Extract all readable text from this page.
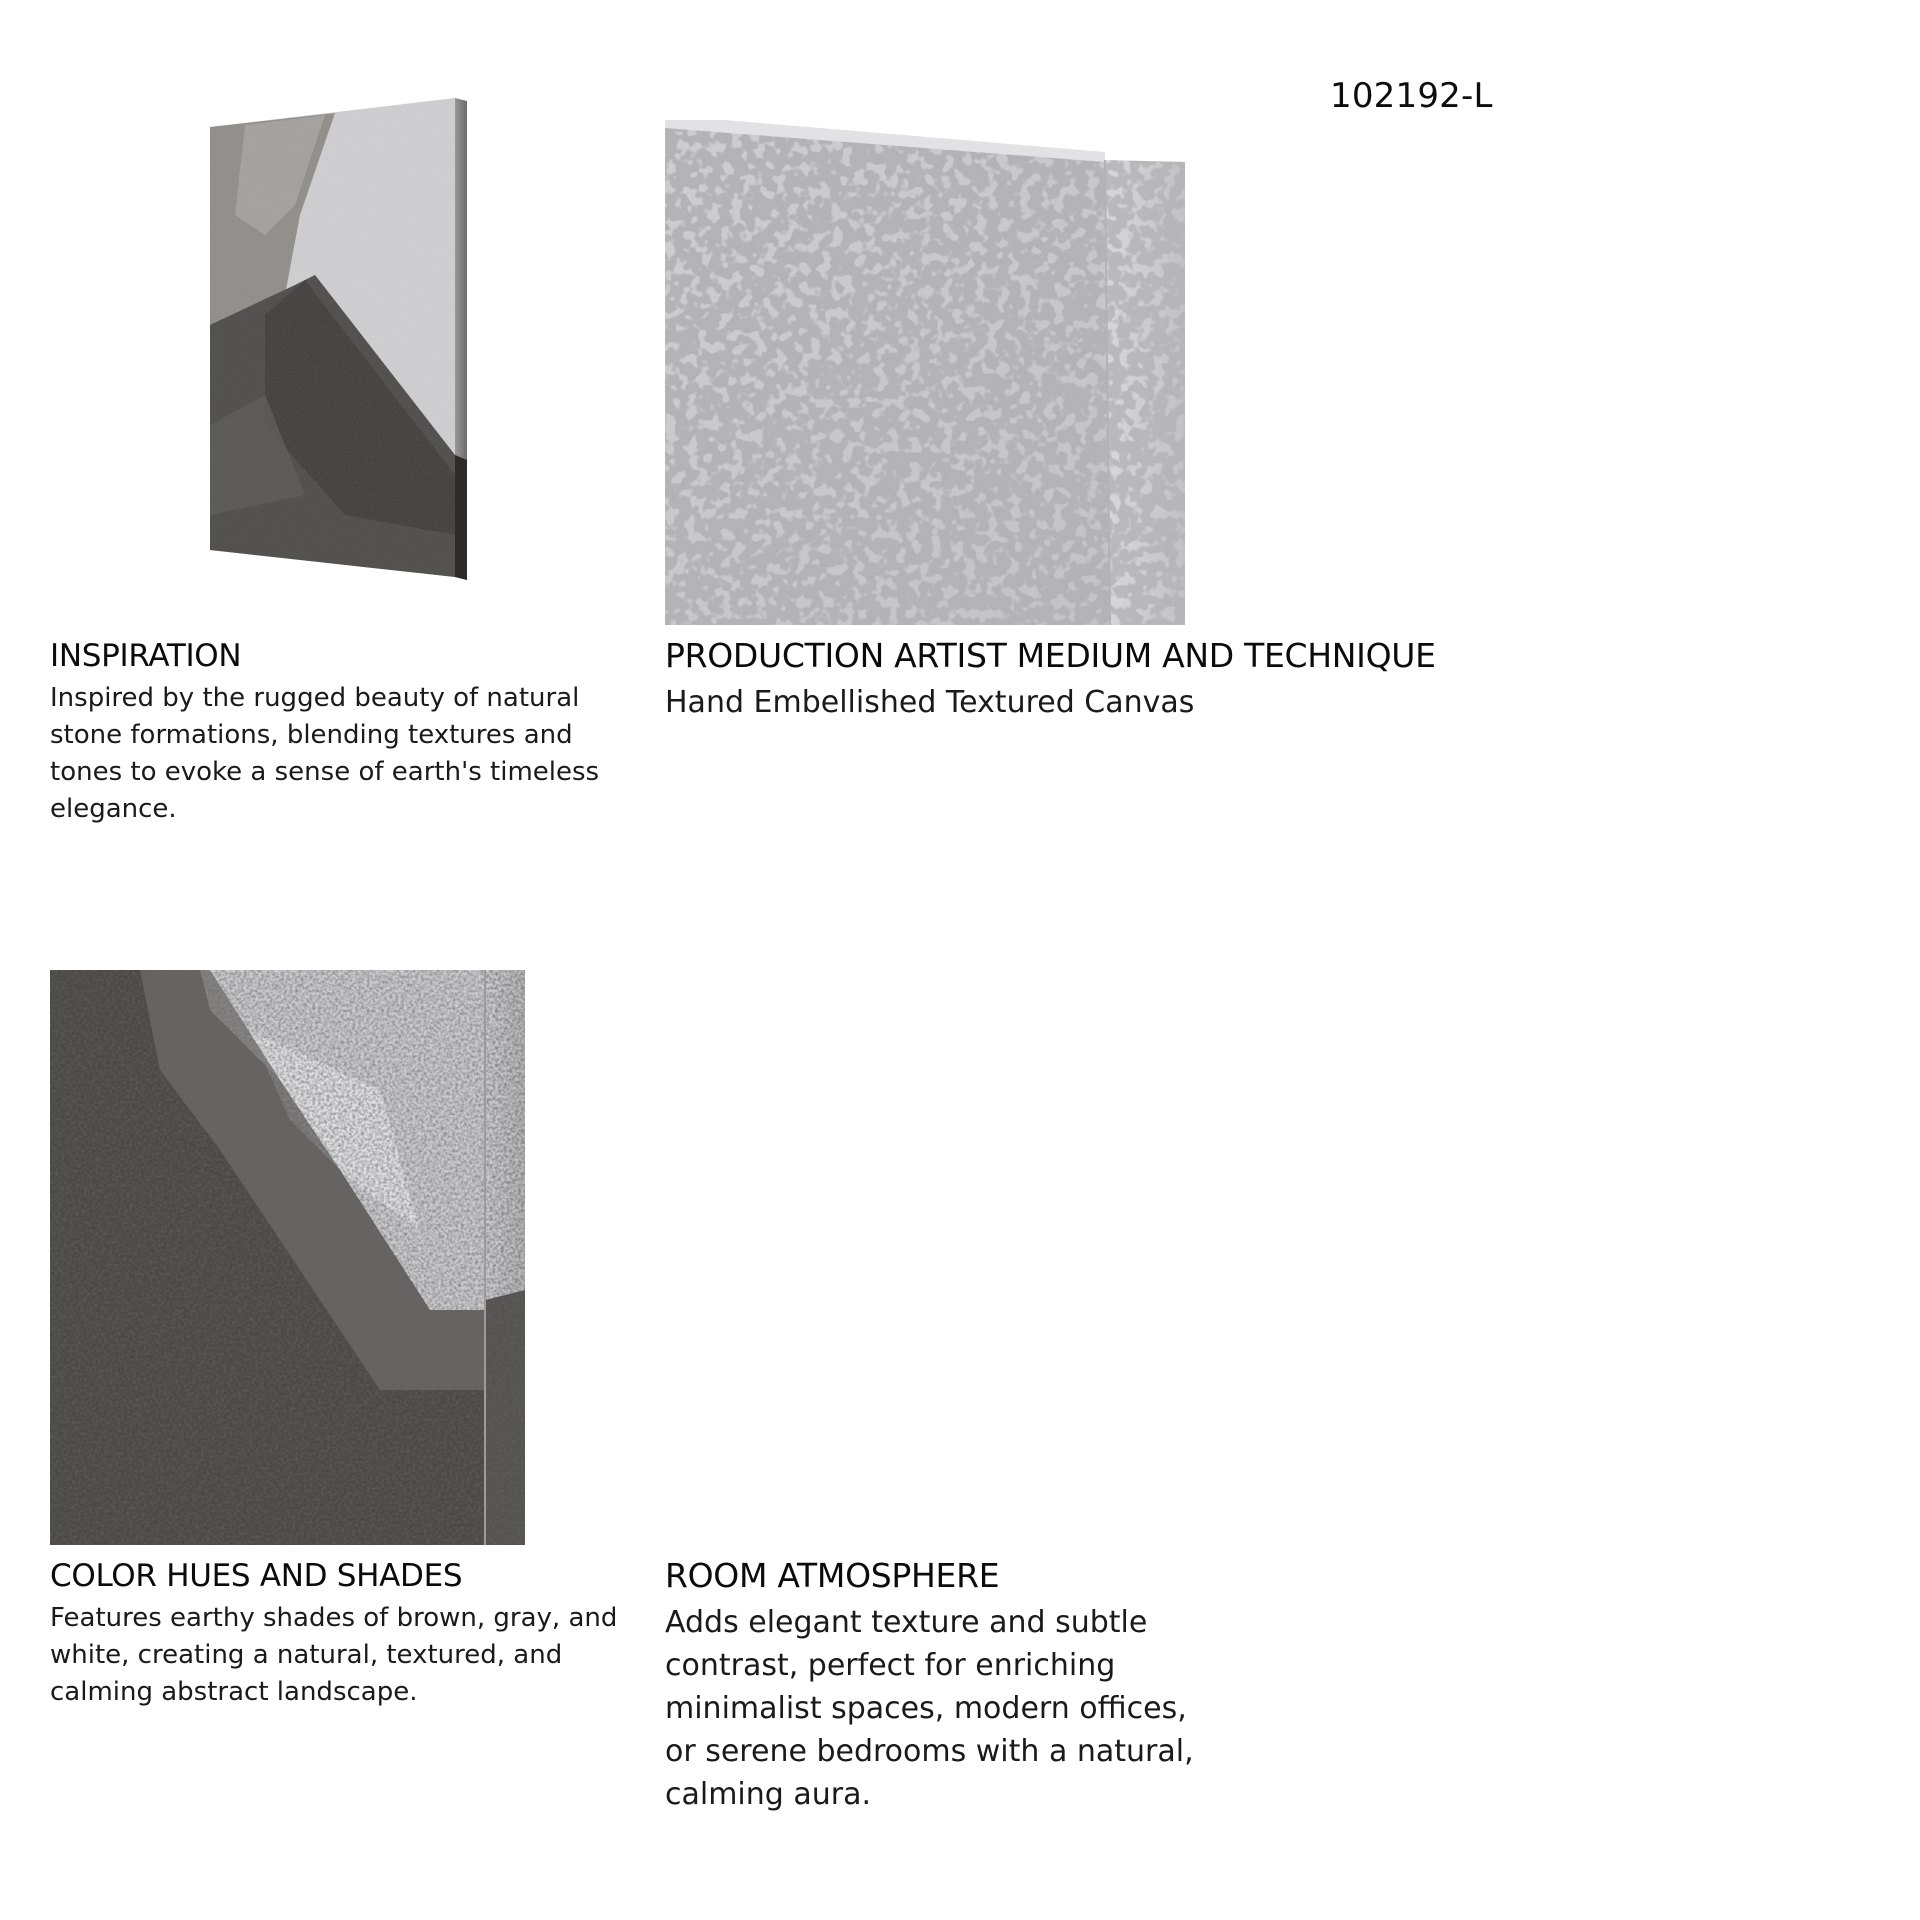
102192-L
INSPIRATION

Inspired by the rugged beauty of natural stone formations, blending textures and tones to evoke a sense of earth's timeless elegance.

PRODUCTION ARTIST MEDIUM AND TECHNIQUE

Hand Embellished Textured Canvas

COLOR HUES AND SHADES

Features earthy shades of brown, gray, and white, creating a natural, textured, and calming abstract landscape.

ROOM ATMOSPHERE

Adds elegant texture and subtle contrast, perfect for enriching minimalist spaces, modern offices, or serene bedrooms with a natural, calming aura.
